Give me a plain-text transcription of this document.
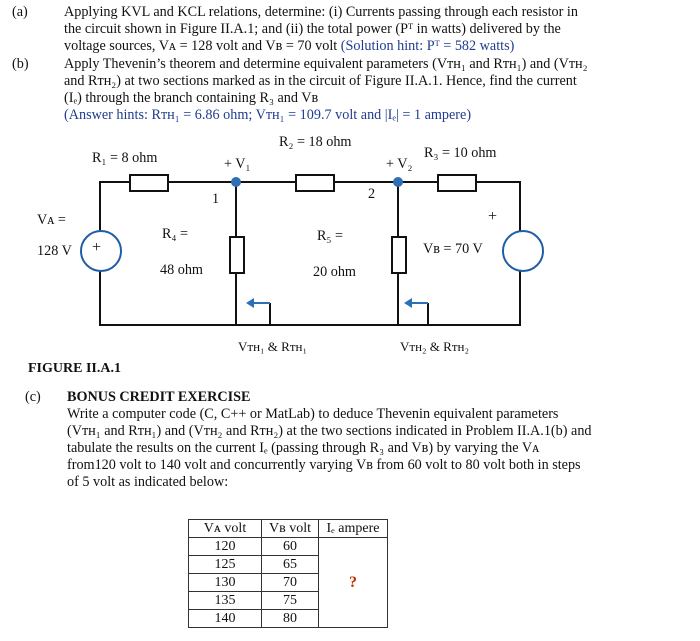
(a)	Applying KVL and KCL relations, determine: (i) Currents passing through each resistor in
the circuit shown in Figure II.A.1; and (ii) the total power (Pᵀ in watts) delivered by the
voltage sources, Vᴀ = 128 volt and Vʙ = 70 volt (Solution hint: Pᵀ = 582 watts)
(b) Apply Thevenin’s theorem and determine equivalent parameters (Vᴛʜ₁ and Rᴛʜ₁) and (Vᴛʜ₂
and Rᴛʜ₂) at two sections marked as in the circuit of Figure II.A.1. Hence, find the current
(Iₑ) through the branch containing R₃ and Vʙ
(Answer hints: Rᴛʜ₁ = 6.86 ohm; Vᴛʜ₁ = 109.7 volt and |Iₑ| = 1 ampere)
R₁ = 8 ohm
R₂ = 18 ohm
R₃ = 10 ohm
+ V₁	+ V₂
1	2
Vᴀ =
128 V +
+
Vʙ = 70 V
R₄ =
48 ohm
R₅ =
20 ohm
Vᴛʜ₁ & Rᴛʜ₁	Vᴛʜ₂ & Rᴛʜ₂
FIGURE II.A.1
(c) BONUS CREDIT EXERCISE
Write a computer code (C, C++ or MatLab) to deduce Thevenin equivalent parameters
(Vᴛʜ₁ and Rᴛʜ₁) and (Vᴛʜ₂ and Rᴛʜ₂) at the two sections indicated in Problem II.A.1(b) and
tabulate the results on the current Iₑ (passing through R₃ and Vʙ) by varying the Vᴀ
from120 volt to 140 volt and concurrently varying Vʙ from 60 volt to 80 volt both in steps
of 5 volt as indicated below:
Vᴀ volt	Vʙ volt	Iₑ ampere
120	60	
125	65	
130	70	?
135	75	
140	80	
